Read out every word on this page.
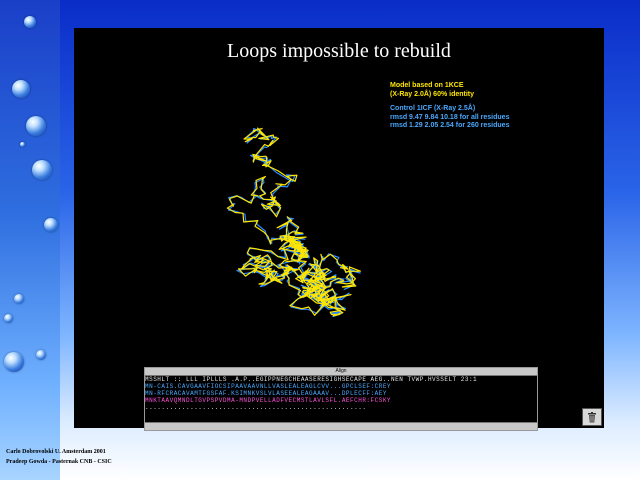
Loops impossible to rebuild
Model based on 1KCE
(X-Ray 2.0Å) 60% identity
Control 1ICF (X-Ray 2.5Å)
rmsd 9.47 9.84 10.18 for all residues
rmsd 1.29 2.05 2.54 for 260 residues
Align
MSSHLT :: LLL IPLLLS .A.P..EGIPPNEGCHEAASERESIGHSECAPE AEG..NEN TVWP.HVSSELT 23:1
MN-CAIS.CAVGAAVFIOCSIPAAVAAVNLLVASLEALEAGLCVV...GPCLSEF:CREY
MN-RFCRACAVAMTFGSFAF.KSIMNKVSLVLASEEALEAGAAAV...DPLECFF:AEY
MNKTAAVQMNDLTGVPSPVDMA-MNDPVELLADFVECMSTLAVLSFL.AEFCHR:FCSKY
......................................................
Carlo Dobrovolski U. Amsterdam 2001
Pradeep Gowda - Pasternak CNB - CSIC
